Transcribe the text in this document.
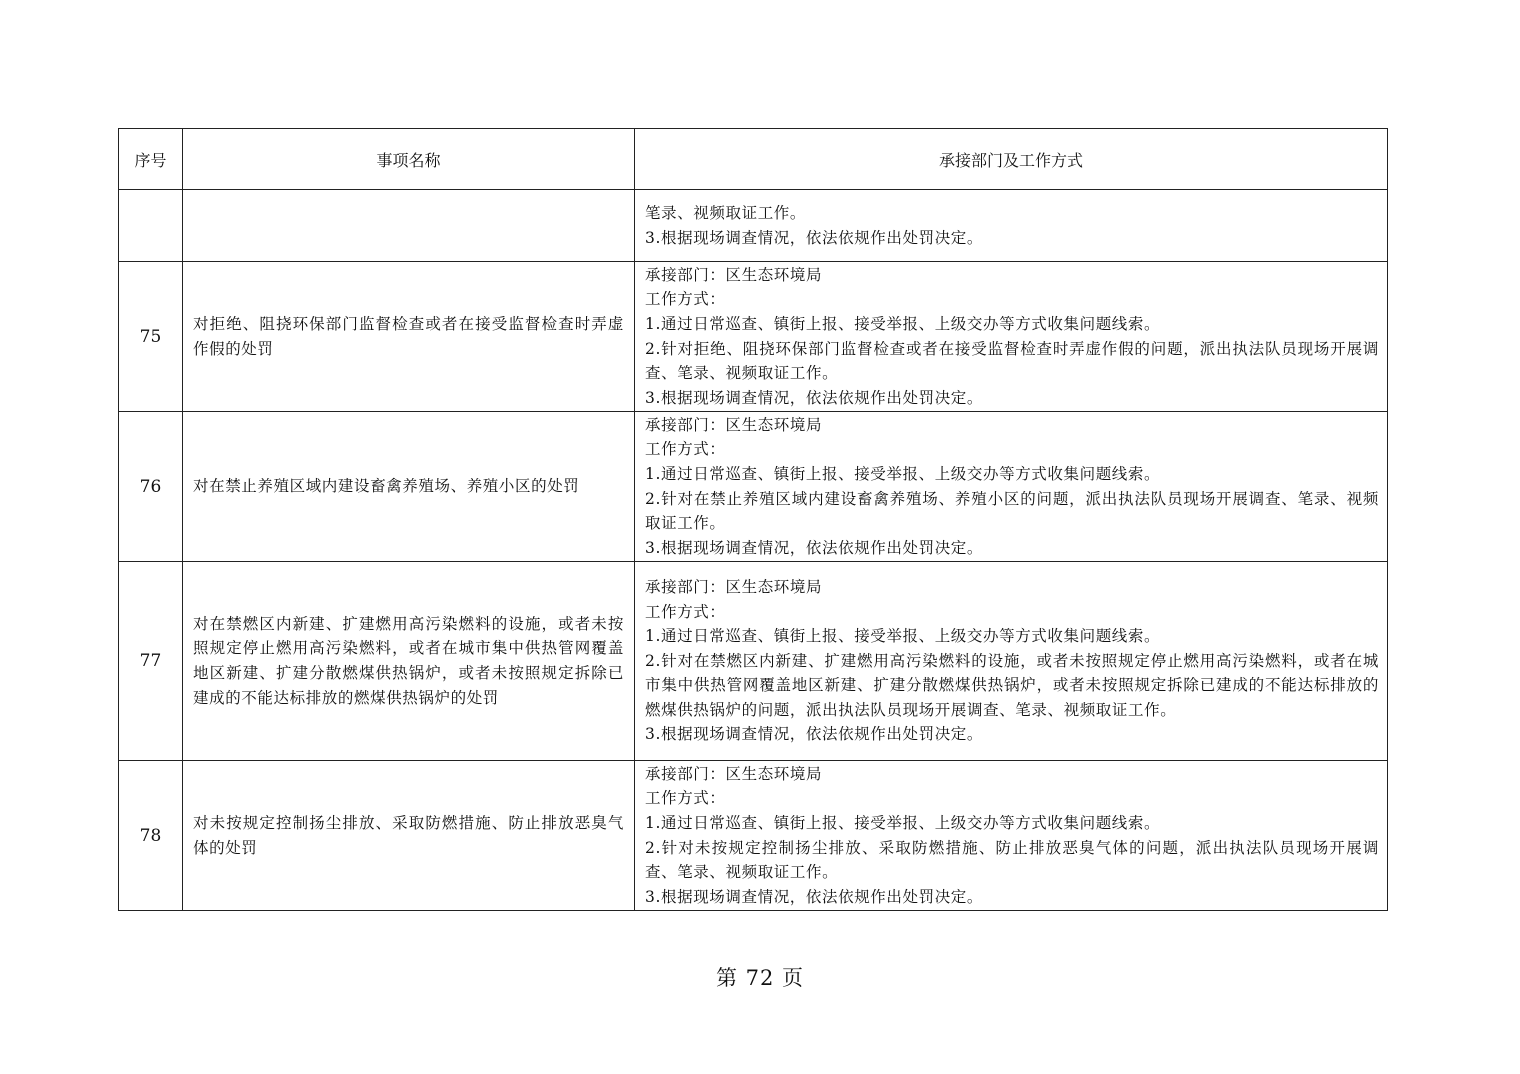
序号	事项名称	承接部门及工作方式

		笔录、视频取证工作。
3.根据现场调查情况，依法依规作出处罚决定。

75	对拒绝、阻挠环保部门监督检查或者在接受监督检查时弄虚作假的处罚	承接部门：区生态环境局
工作方式：
1.通过日常巡查、镇街上报、接受举报、上级交办等方式收集问题线索。
2.针对拒绝、阻挠环保部门监督检查或者在接受监督检查时弄虚作假的问题，派出执法队员现场开展调查、笔录、视频取证工作。
3.根据现场调查情况，依法依规作出处罚决定。

76	对在禁止养殖区域内建设畜禽养殖场、养殖小区的处罚	承接部门：区生态环境局
工作方式：
1.通过日常巡查、镇街上报、接受举报、上级交办等方式收集问题线索。
2.针对在禁止养殖区域内建设畜禽养殖场、养殖小区的问题，派出执法队员现场开展调查、笔录、视频取证工作。
3.根据现场调查情况，依法依规作出处罚决定。

77	对在禁燃区内新建、扩建燃用高污染燃料的设施，或者未按照规定停止燃用高污染燃料，或者在城市集中供热管网覆盖地区新建、扩建分散燃煤供热锅炉，或者未按照规定拆除已建成的不能达标排放的燃煤供热锅炉的处罚	承接部门：区生态环境局
工作方式：
1.通过日常巡查、镇街上报、接受举报、上级交办等方式收集问题线索。
2.针对在禁燃区内新建、扩建燃用高污染燃料的设施，或者未按照规定停止燃用高污染燃料，或者在城市集中供热管网覆盖地区新建、扩建分散燃煤供热锅炉，或者未按照规定拆除已建成的不能达标排放的燃煤供热锅炉的问题，派出执法队员现场开展调查、笔录、视频取证工作。
3.根据现场调查情况，依法依规作出处罚决定。

78	对未按规定控制扬尘排放、采取防燃措施、防止排放恶臭气体的处罚	承接部门：区生态环境局
工作方式：
1.通过日常巡查、镇街上报、接受举报、上级交办等方式收集问题线索。
2.针对未按规定控制扬尘排放、采取防燃措施、防止排放恶臭气体的问题，派出执法队员现场开展调查、笔录、视频取证工作。
3.根据现场调查情况，依法依规作出处罚决定。
第 72 页
